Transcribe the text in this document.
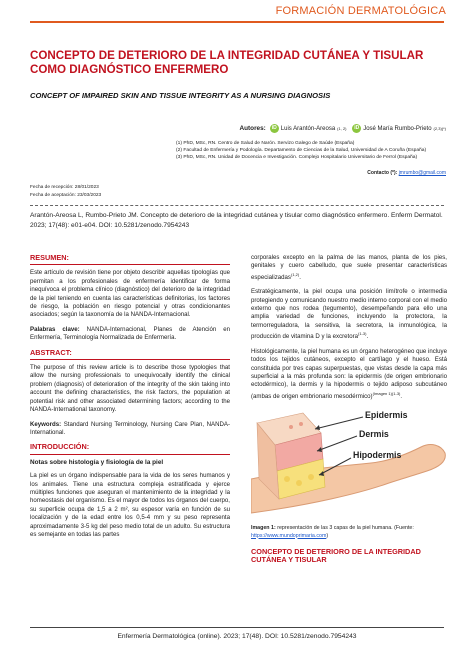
FORMACIÓN DERMATOLÓGICA
CONCEPTO DE DETERIORO DE LA INTEGRIDAD CUTÁNEA Y TISULAR COMO DIAGNÓSTICO ENFERMERO
CONCEPT OF IMPAIRED SKIN AND TISSUE INTEGRITY AS A NURSING DIAGNOSIS
Autores:	iD Luis Arantón-Areosa (1, 2)
	iD José María Rumbo-Prieto (2,3)(*)
(1) PhD, MSc, RN. Centro de Salud de Narón. Servizo Galego de Saúde (España)
(2) Facultad de Enfermería y Podología. Departamento de Ciencias de la Salud, Universidad de A Coruña (España)
(3) PhD, MSc, RN. Unidad de Docencia e Investigación. Complejo Hospitalario Universitario de Ferrol (España)
Contacto (*): jmrumbo@gmail.com
Fecha de recepción: 28/01/2023
Fecha de aceptación: 23/03/2023
Arantón-Areosa L, Rumbo-Prieto JM. Concepto de deterioro de la integridad cutánea y tisular como diagnóstico enfermero. Enferm Dermatol. 2023; 17(48): e01-e04. DOI: 10.5281/zenodo.7954243
RESUMEN:
Este artículo de revisión tiene por objeto describir aquellas tipologías que permitan a los profesionales de enfermería identificar de forma inequívoca el problema clínico (diagnóstico) del deterioro de la integridad de la piel teniendo en cuenta las características definitorias, los factores de riesgo, la población en riesgo potencial y otras condicionantes asociados; según la taxonomía de la NANDA-Internacional.
Palabras clave: NANDA-Internacional, Planes de Atención en Enfermería, Terminología Normalizada de Enfermería.
ABSTRACT:
The purpose of this review article is to describe those typologies that allow the nursing professionals to unequivocally identify the clinical problem (diagnosis) of deterioration of the integrity of the skin taking into account the defining characteristics, the risk factors, the population at potential risk and other associated determining factors; according to the NANDA-International taxonomy.
Keywords: Standard Nursing Terminology, Nursing Care Plan, NANDA-International.
INTRODUCCIÓN:
Notas sobre histología y fisiología de la piel
La piel es un órgano indispensable para la vida de los seres humanos y los animales. Tiene una estructura compleja estratificada y ejerce múltiples funciones que aseguran el mantenimiento de la integridad y la homeostasis del organismo. Es el mayor de todos los órganos del cuerpo, su superficie ocupa de 1,5 a 2 m², su espesor varía en función de su localización y de la edad entre los 0,5-4 mm y su peso representa aproximadamente 3-5 kg del peso medio total de un adulto. Su estructura es semejante en todas las partes
corporales excepto en la palma de las manos, planta de los pies, genitales y cuero cabelludo, que suele presentar características especializadas$^{(1,2)}$.
Estratégicamente, la piel ocupa una posición limítrofe o intermedia protegiendo y comunicando nuestro medio interno corporal con el medio externo que nos rodea (tegumento), desempeñando para ello una amplia variedad de funciones, incluyendo la protectora, la termorreguladora, la sensitiva, la secretora, la inmunológica, la producción de vitamina D y la excretora$^{(1-3)}$.
Histológicamente, la piel humana es un órgano heterogéneo que incluye todos los tejidos cutáneos, excepto el cartílago y el hueso. Está constituida por tres capas superpuestas, que vistas desde la capa más superficial a la más profunda son: la epidermis (de origen embrionario ectodérmico), la dermis y la hipodermis o tejido adiposo subcutáneo (ambas de origen embrionario mesodérmico)$^{(Imagen 1)(1-3)}$.
Epidermis
Dermis
Hipodermis
Imagen 1: representación de las 3 capas de la piel humana. (Fuente: https://www.mundoprimaria.com)
CONCEPTO DE DETERIORO DE LA INTEGRIDAD CUTÁNEA Y TISULAR
Enfermería Dermatológica (online). 2023; 17(48). DOI: 10.5281/zenodo.7954243
